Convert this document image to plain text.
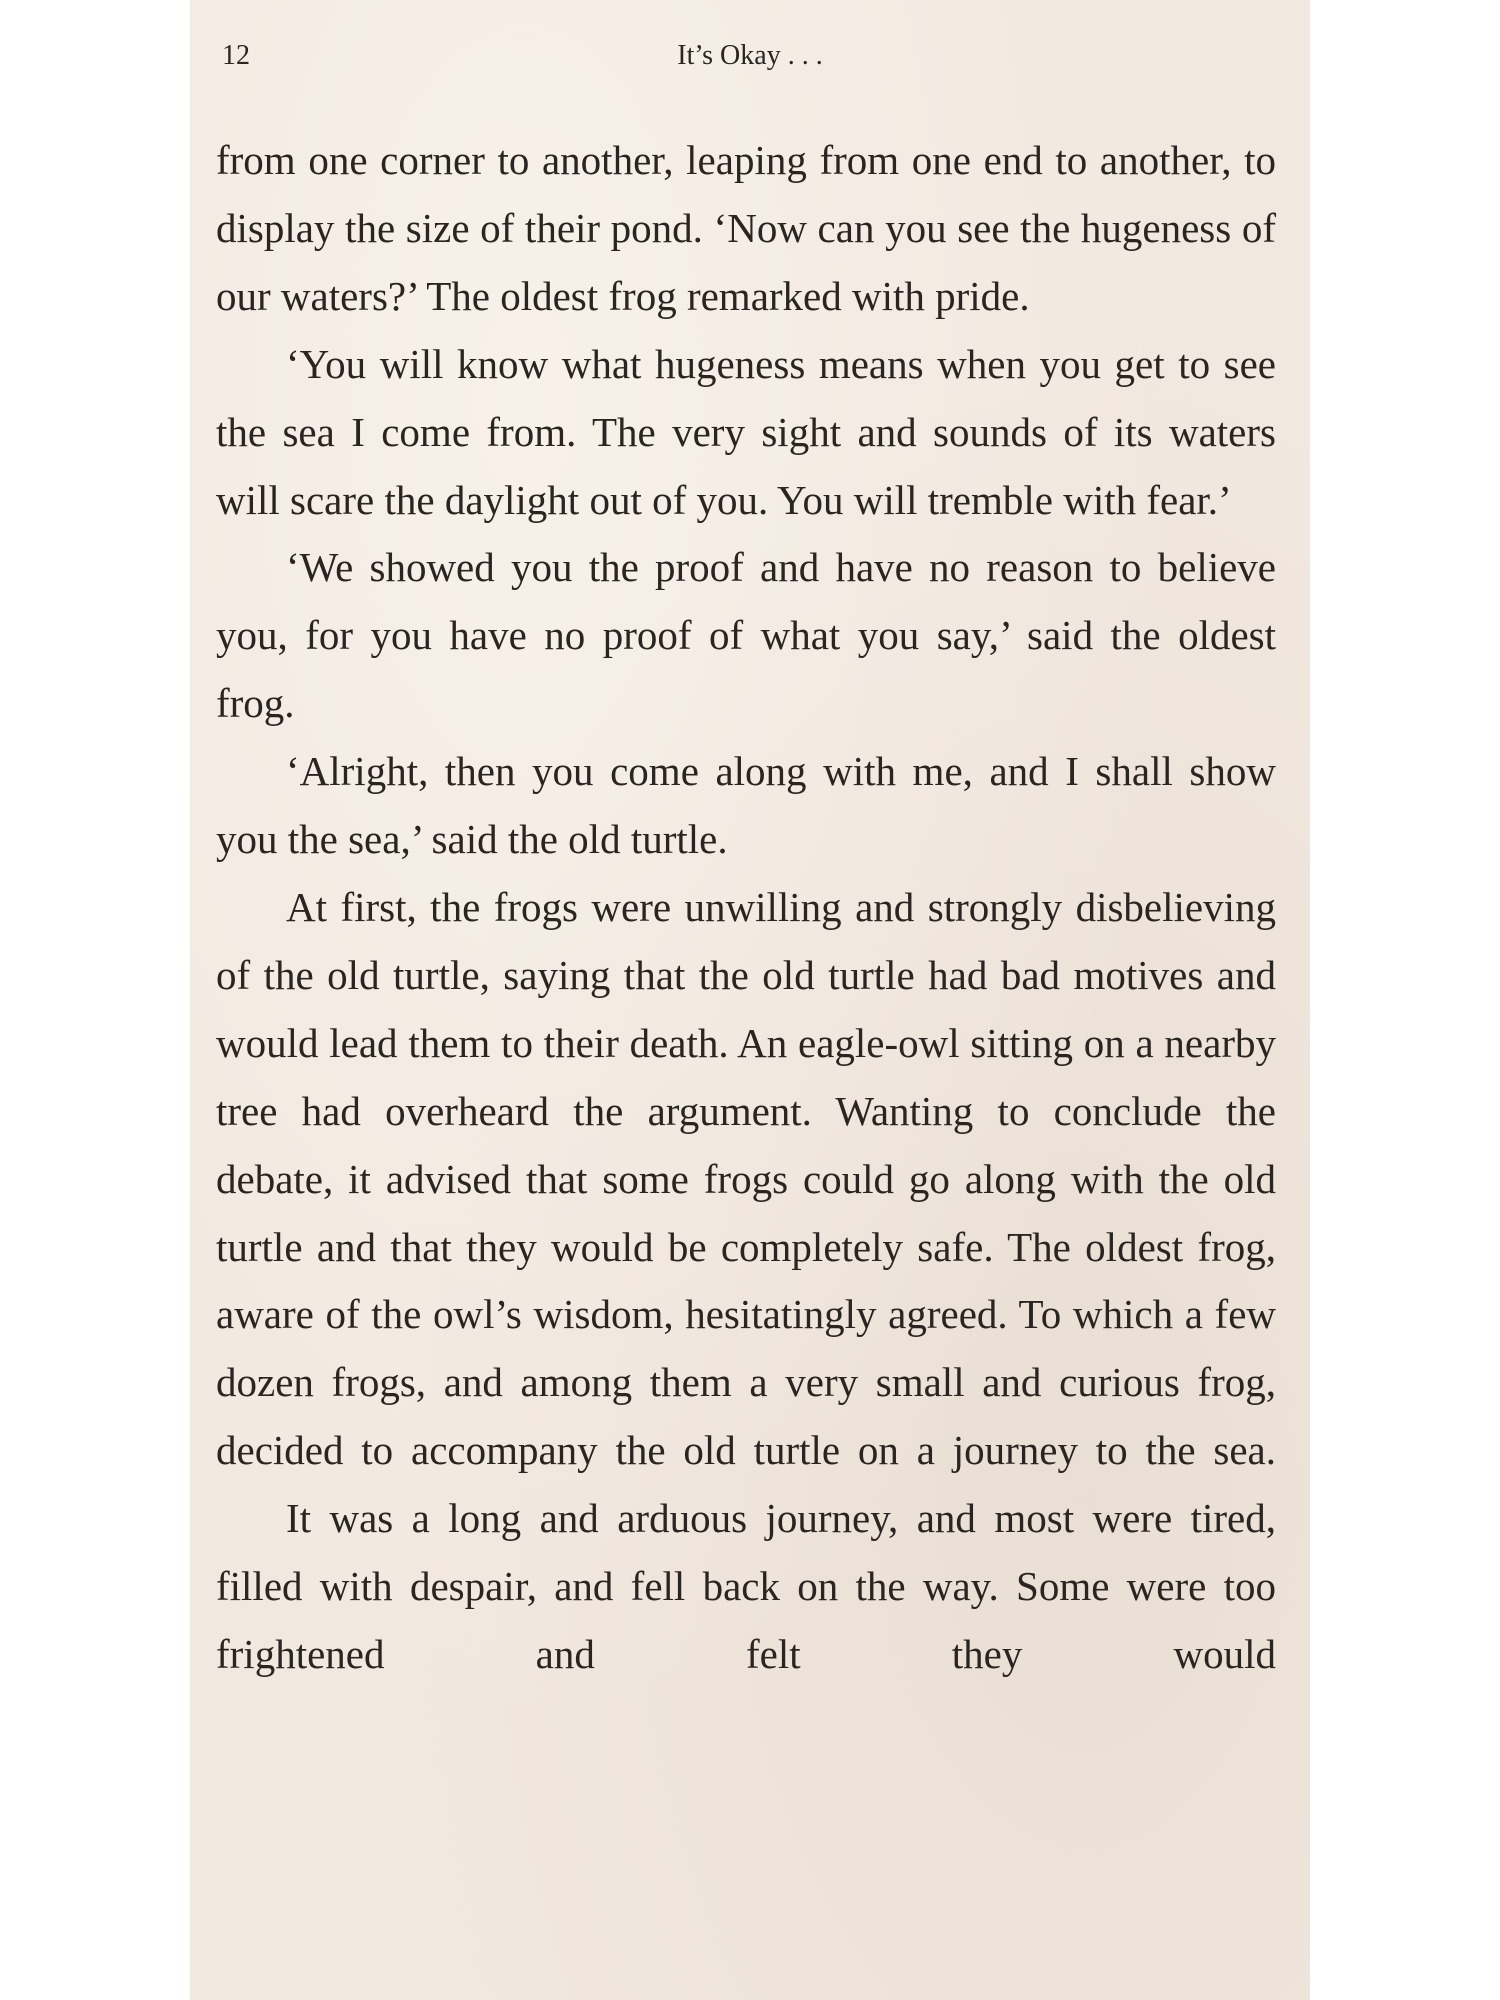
12	It’s Okay . . .

from one corner to another, leaping from one end to another, to display the size of their pond. ‘Now can you see the hugeness of our waters?’ The oldest frog remarked with pride.

‘You will know what hugeness means when you get to see the sea I come from. The very sight and sounds of its waters will scare the daylight out of you. You will tremble with fear.’

‘We showed you the proof and have no reason to believe you, for you have no proof of what you say,’ said the oldest frog.

‘Alright, then you come along with me, and I shall show you the sea,’ said the old turtle.

At first, the frogs were unwilling and strongly disbelieving of the old turtle, saying that the old turtle had bad motives and would lead them to their death. An eagle-owl sitting on a nearby tree had overheard the argument. Wanting to conclude the debate, it advised that some frogs could go along with the old turtle and that they would be completely safe. The oldest frog, aware of the owl’s wisdom, hesitatingly agreed. To which a few dozen frogs, and among them a very small and curious frog, decided to accompany the old turtle on a journey to the sea.

It was a long and arduous journey, and most were tired, filled with despair, and fell back on the way. Some were too frightened and felt they would
